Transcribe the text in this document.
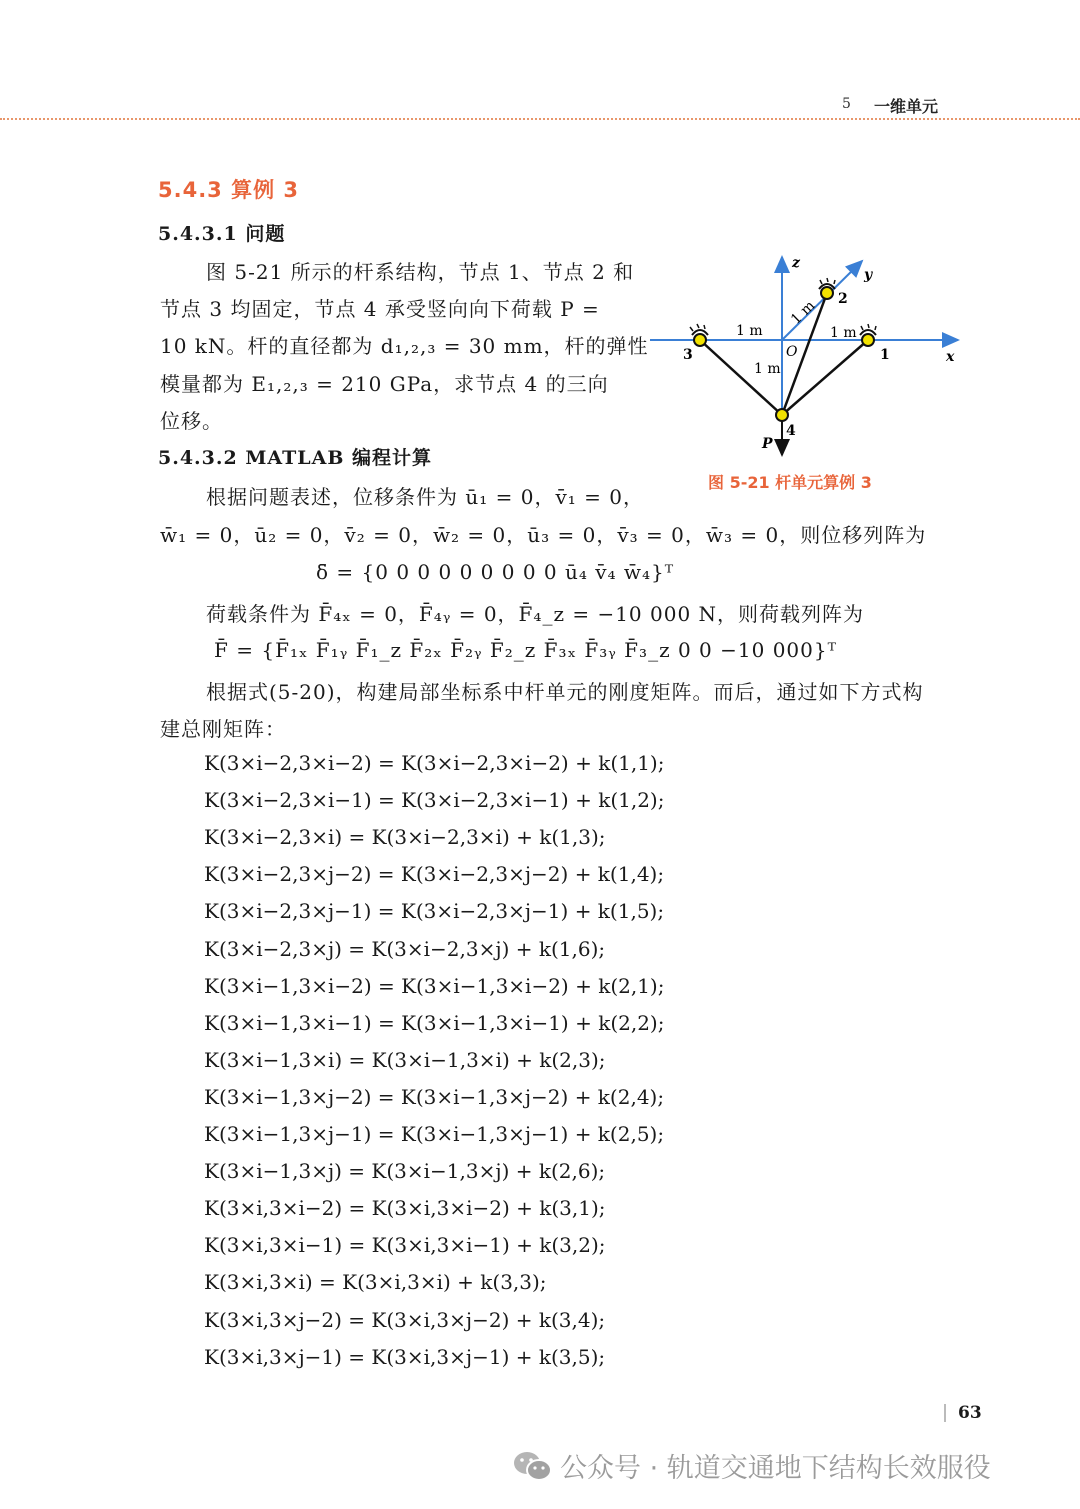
5 一维单元
5.4.3 算例 3
5.4.3.1 问题
图 5-21 所示的杆系结构，节点 1、节点 2 和
节点 3 均固定，节点 4 承受竖向向下荷载 P =
10 kN。杆的直径都为 d₁,₂,₃ = 30 mm，杆的弹性
模量都为 E₁,₂,₃ = 210 GPa，求节点 4 的三向
位移。
5.4.3.2 MATLAB 编程计算
根据问题表述，位移条件为 ū₁ = 0，v̄₁ = 0，
w̄₁ = 0，ū₂ = 0，v̄₂ = 0，w̄₂ = 0，ū₃ = 0，v̄₃ = 0，w̄₃ = 0，则位移列阵为
δ̄ = {0 0 0 0 0 0 0 0 0 ū₄ v̄₄ w̄₄}ᵀ
荷载条件为 F̄₄ₓ = 0，F̄₄ᵧ = 0，F̄₄_z = −10 000 N，则荷载列阵为
F̄ = {F̄₁ₓ F̄₁ᵧ F̄₁_z F̄₂ₓ F̄₂ᵧ F̄₂_z F̄₃ₓ F̄₃ᵧ F̄₃_z 0 0 −10 000}ᵀ
根据式(5-20)，构建局部坐标系中杆单元的刚度矩阵。而后，通过如下方式构
建总刚矩阵：
K(3×i−2,3×i−2) = K(3×i−2,3×i−2) + k(1,1);
K(3×i−2,3×i−1) = K(3×i−2,3×i−1) + k(1,2);
K(3×i−2,3×i) = K(3×i−2,3×i) + k(1,3);
K(3×i−2,3×j−2) = K(3×i−2,3×j−2) + k(1,4);
K(3×i−2,3×j−1) = K(3×i−2,3×j−1) + k(1,5);
K(3×i−2,3×j) = K(3×i−2,3×j) + k(1,6);
K(3×i−1,3×i−2) = K(3×i−1,3×i−2) + k(2,1);
K(3×i−1,3×i−1) = K(3×i−1,3×i−1) + k(2,2);
K(3×i−1,3×i) = K(3×i−1,3×i) + k(2,3);
K(3×i−1,3×j−2) = K(3×i−1,3×j−2) + k(2,4);
K(3×i−1,3×j−1) = K(3×i−1,3×j−1) + k(2,5);
K(3×i−1,3×j) = K(3×i−1,3×j) + k(2,6);
K(3×i,3×i−2) = K(3×i,3×i−2) + k(3,1);
K(3×i,3×i−1) = K(3×i,3×i−1) + k(3,2);
K(3×i,3×i) = K(3×i,3×i) + k(3,3);
K(3×i,3×j−2) = K(3×i,3×j−2) + k(3,4);
K(3×i,3×j−1) = K(3×i,3×j−1) + k(3,5);
x
y
z
O	1
2
3
4
1 m	1 m
1 m
1 m
P
图 5-21 杆单元算例 3
63
公众号 · 轨道交通地下结构长效服役
